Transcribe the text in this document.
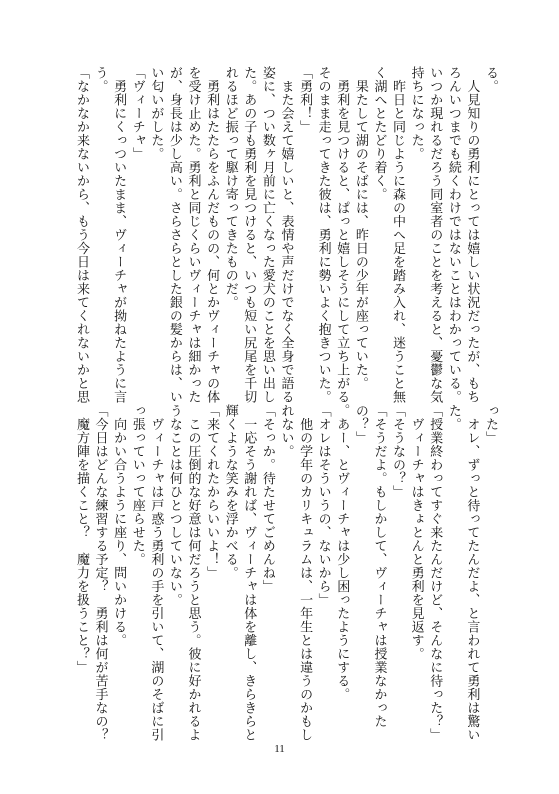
る。

　人見知りの勇利にとっては嬉しい状況だったが、もち

ろんいつまでも続くわけではないことはわかっている。

いつか現れるだろう同室者のことを考えると、憂鬱な気

持ちになった。

　昨日と同じように森の中へ足を踏み入れ、迷うこと無

く湖へとたどり着く。

　果たして湖のそばには、昨日の少年が座っていた。

　勇利を見つけると、ぱっと嬉しそうにして立ち上がる。

そのまま走ってきた彼は、勇利に勢いよく抱きついた。

「勇利！」

　また会えて嬉しいと、表情や声だけでなく全身で語る

姿に、つい数ヶ月前に亡くなった愛犬のことを思い出し

た。あの子も勇利を見つけると、いつも短い尻尾を千切

れるほど振って駆け寄ってきたものだ。

　勇利はたたらをふんだものの、何とかヴィーチャの体

を受け止めた。勇利と同じくらいヴィーチャは細かった

が、身長は少し高い。さらさらとした銀の髪からは、い

い匂いがした。

「ヴィーチャ」

　勇利にくっついたまま、ヴィーチャが拗ねたように言

う。

「なかなか来ないから、もう今日は来てくれないかと思

った」

　オレ、ずっと待ってたんだよ、と言われて勇利は驚い

た。

「授業終わってすぐ来たんだけど、そんなに待った？」

　ヴィーチャはきょとんと勇利を見返す。

「そうなの？」

「そうだよ。もしかして、ヴィーチャは授業なかった

の？」

　あー、とヴィーチャは少し困ったようにする。

「オレはそういうの、ないから」

　他の学年のカリキュラムは、一年生とは違うのかもし

れない。

「そっか。待たせてごめんね」

　一応そう謝れば、ヴィーチャは体を離し、きらきらと

輝くような笑みを浮かべる。

「来てくれたからいいよ！」

　この圧倒的な好意は何だろうと思う。彼に好かれるよ

うなことは何ひとつしていない。

　ヴィーチャは戸惑う勇利の手を引いて、湖のそばに引

っ張っていって座らせた。

　向かい合うように座り、問いかける。

「今日はどんな練習する予定？　勇利は何が苦手なの？

　魔方陣を描くこと？　魔力を扱うこと？」

11
